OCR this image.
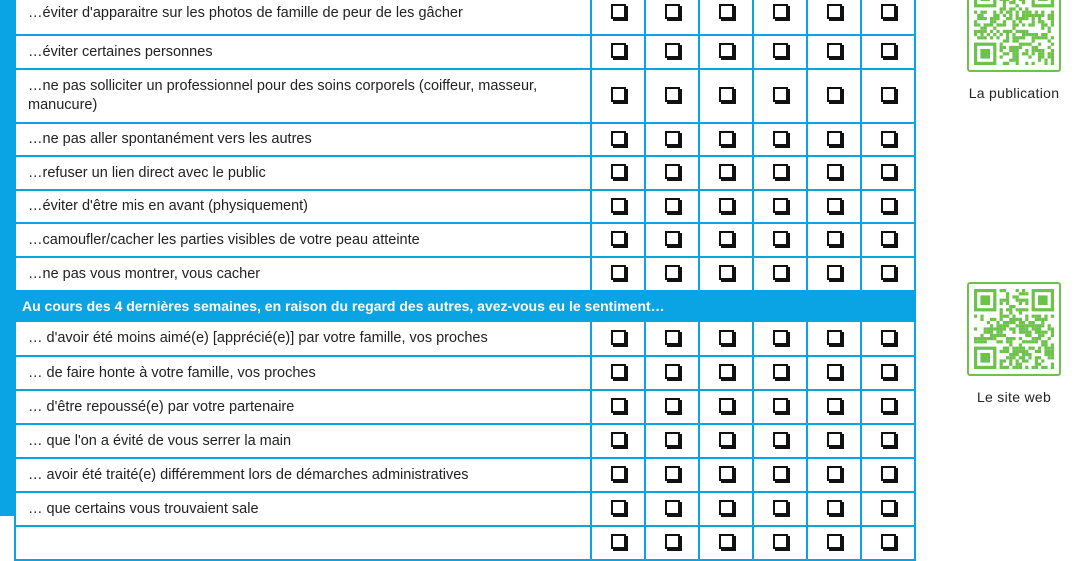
…éviter d'apparaitre sur les photos de famille de peur de les gâcher						
…éviter certaines personnes						
…ne pas solliciter un professionnel pour des soins corporels (coiffeur, masseur, manucure)						
…ne pas aller spontanément vers les autres						
…refuser un lien direct avec le public						
…éviter d'être mis en avant (physiquement)						
…camoufler/cacher les parties visibles de votre peau atteinte						
…ne pas vous montrer, vous cacher						
Au cours des 4 dernières semaines, en raison du regard des autres, avez-vous eu le sentiment…						
… d'avoir été moins aimé(e) [apprécié(e)] par votre famille, vos proches						
… de faire honte à votre famille, vos proches						
… d'être repoussé(e) par votre partenaire						
… que l'on a évité de vous serrer la main						
… avoir été traité(e) différemment lors de démarches administratives						
… que certains vous trouvaient sale						

La publication
Le site web
